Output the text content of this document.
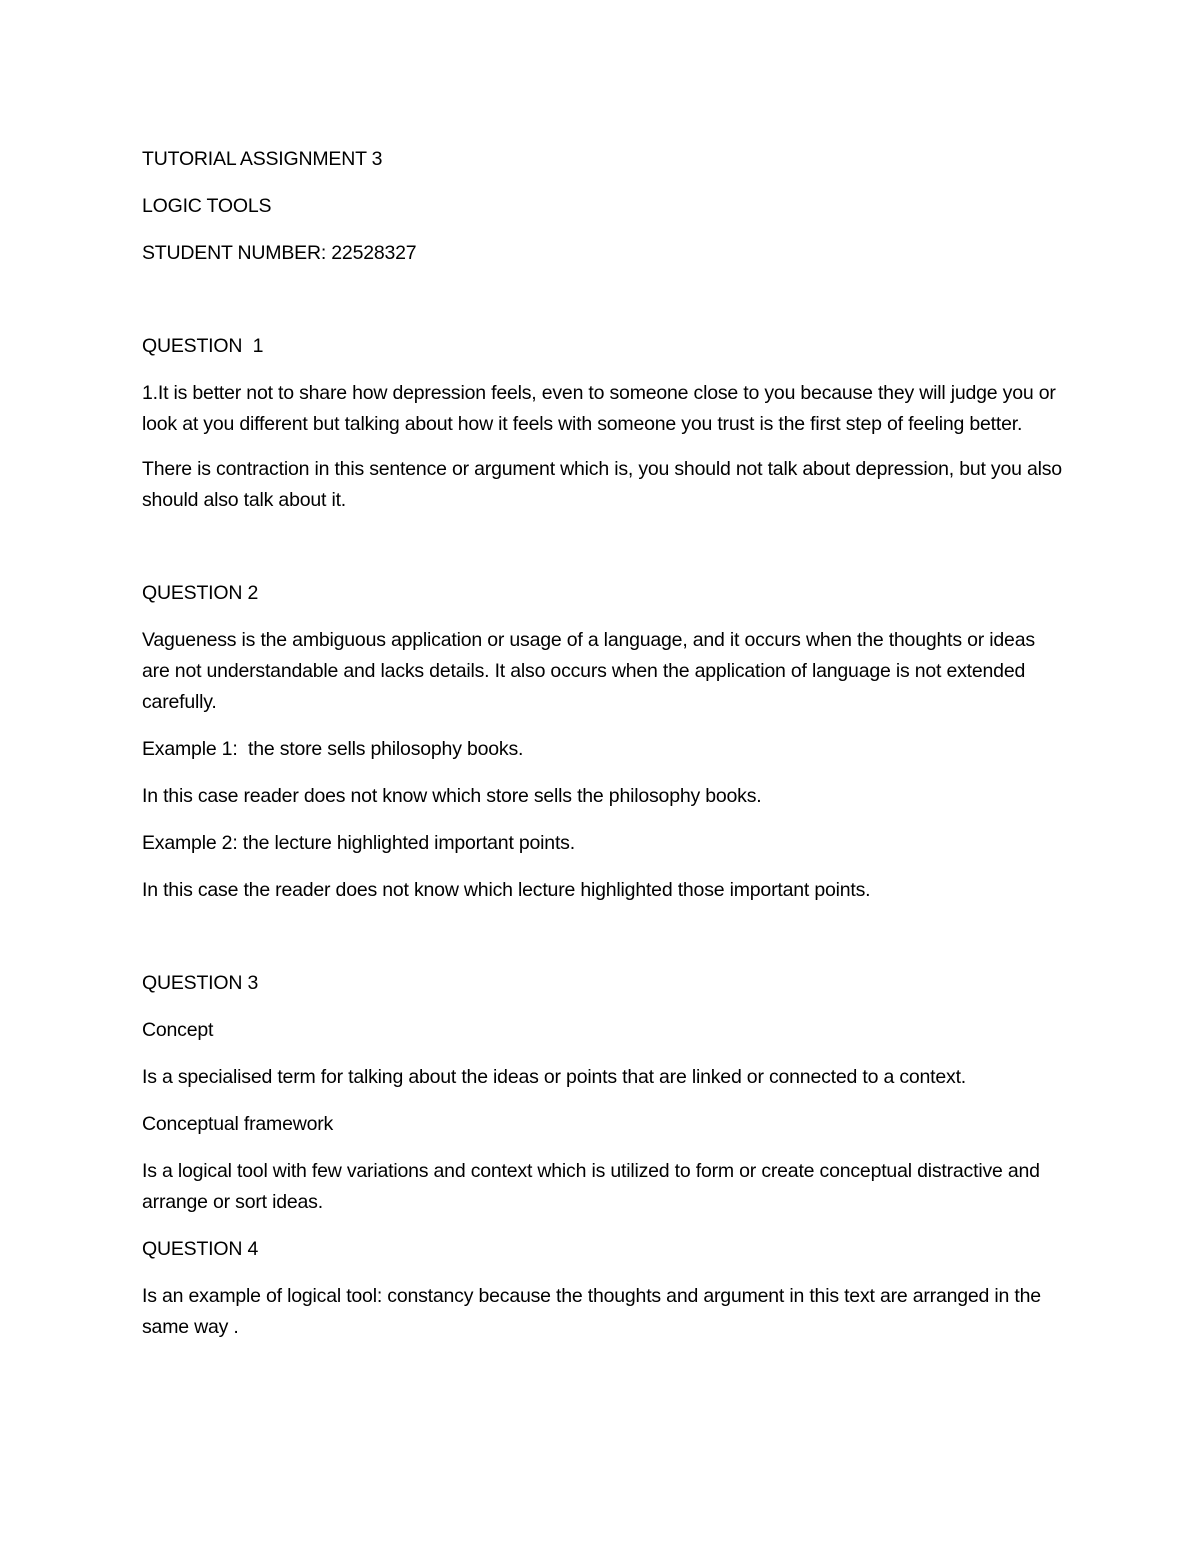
TUTORIAL ASSIGNMENT 3

LOGIC TOOLS

STUDENT NUMBER: 22528327

QUESTION  1

1.It is better not to share how depression feels, even to someone close to you because they will judge you or look at you different but talking about how it feels with someone you trust is the first step of feeling better.

There is contraction in this sentence or argument which is, you should not talk about depression, but you also should also talk about it.

QUESTION 2

Vagueness is the ambiguous application or usage of a language, and it occurs when the thoughts or ideas are not understandable and lacks details. It also occurs when the application of language is not extended carefully.

Example 1:  the store sells philosophy books.

In this case reader does not know which store sells the philosophy books.

Example 2: the lecture highlighted important points.

In this case the reader does not know which lecture highlighted those important points.

QUESTION 3

Concept

Is a specialised term for talking about the ideas or points that are linked or connected to a context.

Conceptual framework

Is a logical tool with few variations and context which is utilized to form or create conceptual distractive and arrange or sort ideas.

QUESTION 4

Is an example of logical tool: constancy because the thoughts and argument in this text are arranged in the same way .
